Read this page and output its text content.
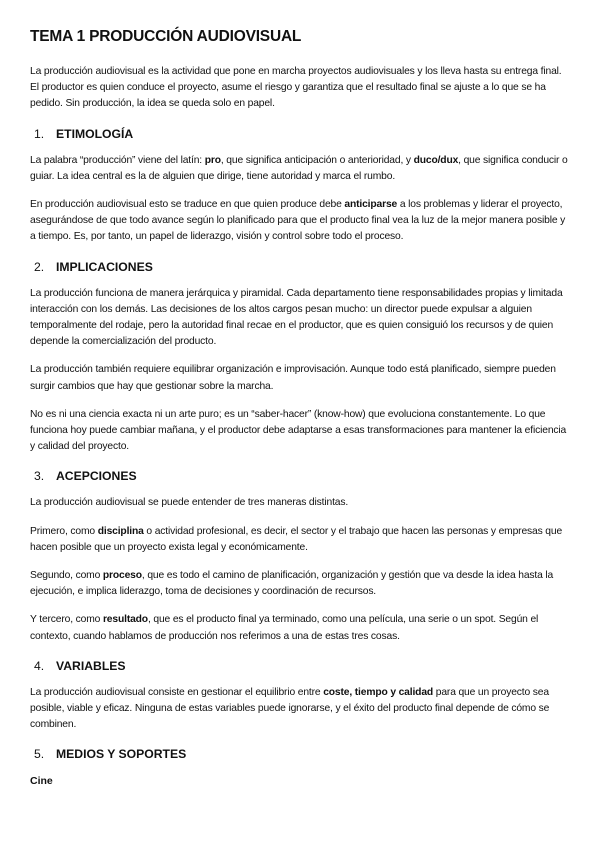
TEMA 1 PRODUCCIÓN AUDIOVISUAL

La producción audiovisual es la actividad que pone en marcha proyectos audiovisuales y los lleva hasta su entrega final. El productor es quien conduce el proyecto, asume el riesgo y garantiza que el resultado final se ajuste a lo que se ha pedido. Sin producción, la idea se queda solo en papel.

1. ETIMOLOGÍA

La palabra “producción” viene del latín: pro, que significa anticipación o anterioridad, y duco/dux, que significa conducir o guiar. La idea central es la de alguien que dirige, tiene autoridad y marca el rumbo.

En producción audiovisual esto se traduce en que quien produce debe anticiparse a los problemas y liderar el proyecto, asegurándose de que todo avance según lo planificado para que el producto final vea la luz de la mejor manera posible y a tiempo. Es, por tanto, un papel de liderazgo, visión y control sobre todo el proceso.

2. IMPLICACIONES

La producción funciona de manera jerárquica y piramidal. Cada departamento tiene responsabilidades propias y limitada interacción con los demás. Las decisiones de los altos cargos pesan mucho: un director puede expulsar a alguien temporalmente del rodaje, pero la autoridad final recae en el productor, que es quien consiguió los recursos y de quien depende la comercialización del producto.

La producción también requiere equilibrar organización e improvisación. Aunque todo está planificado, siempre pueden surgir cambios que hay que gestionar sobre la marcha.

No es ni una ciencia exacta ni un arte puro; es un “saber-hacer” (know-how) que evoluciona constantemente. Lo que funciona hoy puede cambiar mañana, y el productor debe adaptarse a esas transformaciones para mantener la eficiencia y calidad del proyecto.

3. ACEPCIONES

La producción audiovisual se puede entender de tres maneras distintas.

Primero, como disciplina o actividad profesional, es decir, el sector y el trabajo que hacen las personas y empresas que hacen posible que un proyecto exista legal y económicamente.

Segundo, como proceso, que es todo el camino de planificación, organización y gestión que va desde la idea hasta la ejecución, e implica liderazgo, toma de decisiones y coordinación de recursos.

Y tercero, como resultado, que es el producto final ya terminado, como una película, una serie o un spot. Según el contexto, cuando hablamos de producción nos referimos a una de estas tres cosas.

4. VARIABLES

La producción audiovisual consiste en gestionar el equilibrio entre coste, tiempo y calidad para que un proyecto sea posible, viable y eficaz. Ninguna de estas variables puede ignorarse, y el éxito del producto final depende de cómo se combinen.

5. MEDIOS Y SOPORTES
Cine
